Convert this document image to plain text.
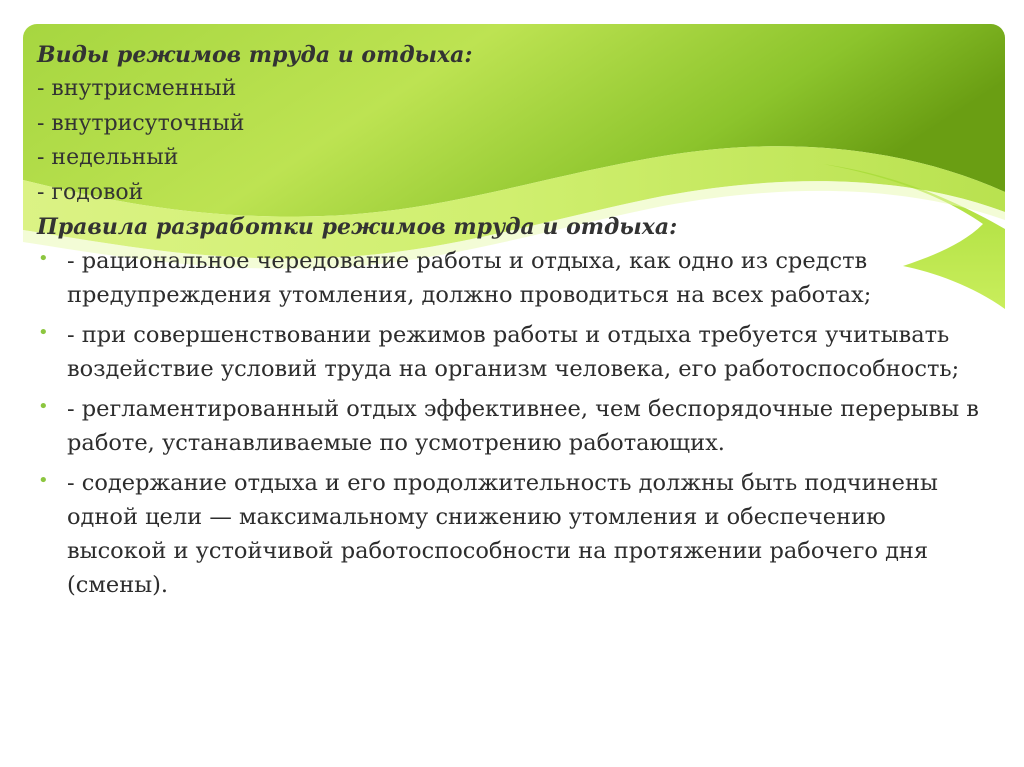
Виды режимов труда и отдыха:
- внутрисменный
- внутрисуточный
- недельный
- годовой
Правила разработки режимов труда и отдыха:
• - рациональное чередование работы и отдыха, как одно из средств предупреждения утомления, должно проводиться на всех работах;
• - при совершенствовании режимов работы и отдыха требуется учитывать воздействие условий труда на организм человека, его работоспособность;
• - регламентированный отдых эффективнее, чем беспорядочные перерывы в работе, устанавливаемые по усмотрению работающих.
• - содержание отдыха и его продолжительность должны быть подчинены одной цели — максимальному снижению утомления и обеспечению высокой и устойчивой работоспособности на протяжении рабочего дня (смены).
